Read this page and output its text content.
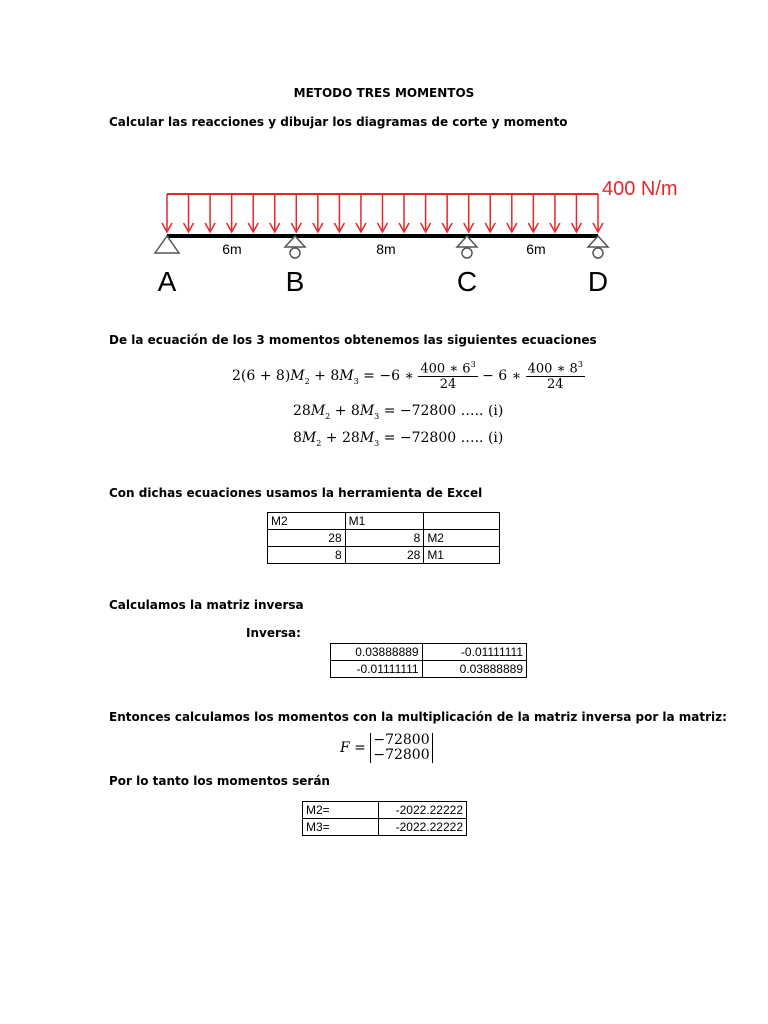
METODO TRES MOMENTOS
Calcular las reacciones y dibujar los diagramas de corte y momento
6m	8m	6m
A	B	C	D
400 N/m
De la ecuación de los 3 momentos obtenemos las siguientes ecuaciones
$2(6 + 8)M_2 + 8M_3 = -6$ ∗ $\frac{400 ∗ 6^3}{24} - 6$ ∗ $\frac{400 ∗ 8^3}{24}$
$28M_2 + 8M_3 = -72800$ ….. (i)
$8M_2 + 28M_3 = -72800$ ….. (i)
Con dichas ecuaciones usamos la herramienta de Excel
M2	M1	
28	8	M2
8	28	M1
Calculamos la matriz inversa
Inversa:
0.03888889	-0.01111111
-0.01111111	0.03888889
Entonces calculamos los momentos con la multiplicación de la matriz inversa por la matriz:
F = −72800
−72800
Por lo tanto los momentos serán
M2=	-2022.22222
M3=	-2022.22222
